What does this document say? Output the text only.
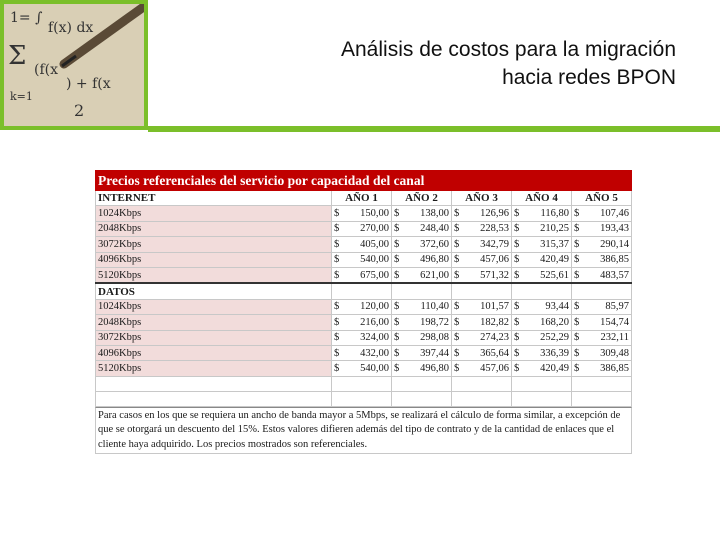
1= ∫
f(x) dx
Σ (f(x
) + f(x
k=1
2
Análisis de costos para la migración
hacia redes BPON
Precios referenciales del servicio por capacidad del canal					
INTERNET	AÑO 1	AÑO 2	AÑO 3	AÑO 4	AÑO 5
1024Kbps	$ 150,00	$ 138,00	$ 126,96	$ 116,80	$ 107,46

2048Kbps	$ 270,00	$ 248,40	$ 228,53	$ 210,25	$ 193,43

3072Kbps	$ 405,00	$ 372,60	$ 342,79	$ 315,37	$ 290,14

4096Kbps	$ 540,00	$ 496,80	$ 457,06	$ 420,49	$ 386,85

5120Kbps	$ 675,00	$ 621,00	$ 571,32	$ 525,61	$ 483,57

DATOS					
1024Kbps	$ 120,00	$ 110,40	$ 101,57	$ 93,44	$ 85,97

2048Kbps	$ 216,00	$ 198,72	$ 182,82	$ 168,20	$ 154,74

3072Kbps	$ 324,00	$ 298,08	$ 274,23	$ 252,29	$ 232,11

4096Kbps	$ 432,00	$ 397,44	$ 365,64	$ 336,39	$ 309,48

5120Kbps	$ 540,00	$ 496,80	$ 457,06	$ 420,49	$ 386,85

Para casos en los que se requiera un ancho de banda mayor a 5Mbps, se realizará el cálculo de forma similar, a excepción de que se otorgará un descuento del 15%. Estos valores difieren además del tipo de contrato y de la cantidad de enlaces que el cliente haya adquirido. Los precios mostrados son referenciales.
